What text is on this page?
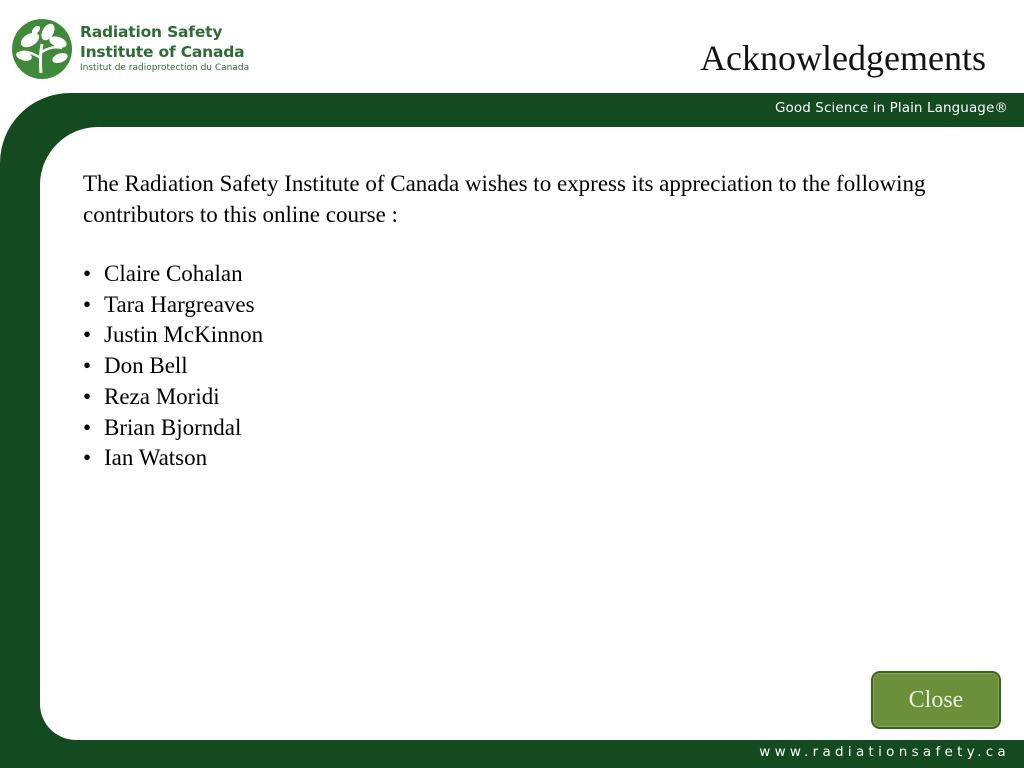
Radiation Safety
Institute of Canada
Institut de radioprotection du Canada	Acknowledgements
Good Science in Plain Language®

The Radiation Safety Institute of Canada wishes to express its appreciation to the following contributors to this online course :

• Claire Cohalan
• Tara Hargreaves
• Justin McKinnon
• Don Bell
• Reza Moridi
• Brian Bjorndal
• Ian Watson
Close
www.radiationsafety.ca
